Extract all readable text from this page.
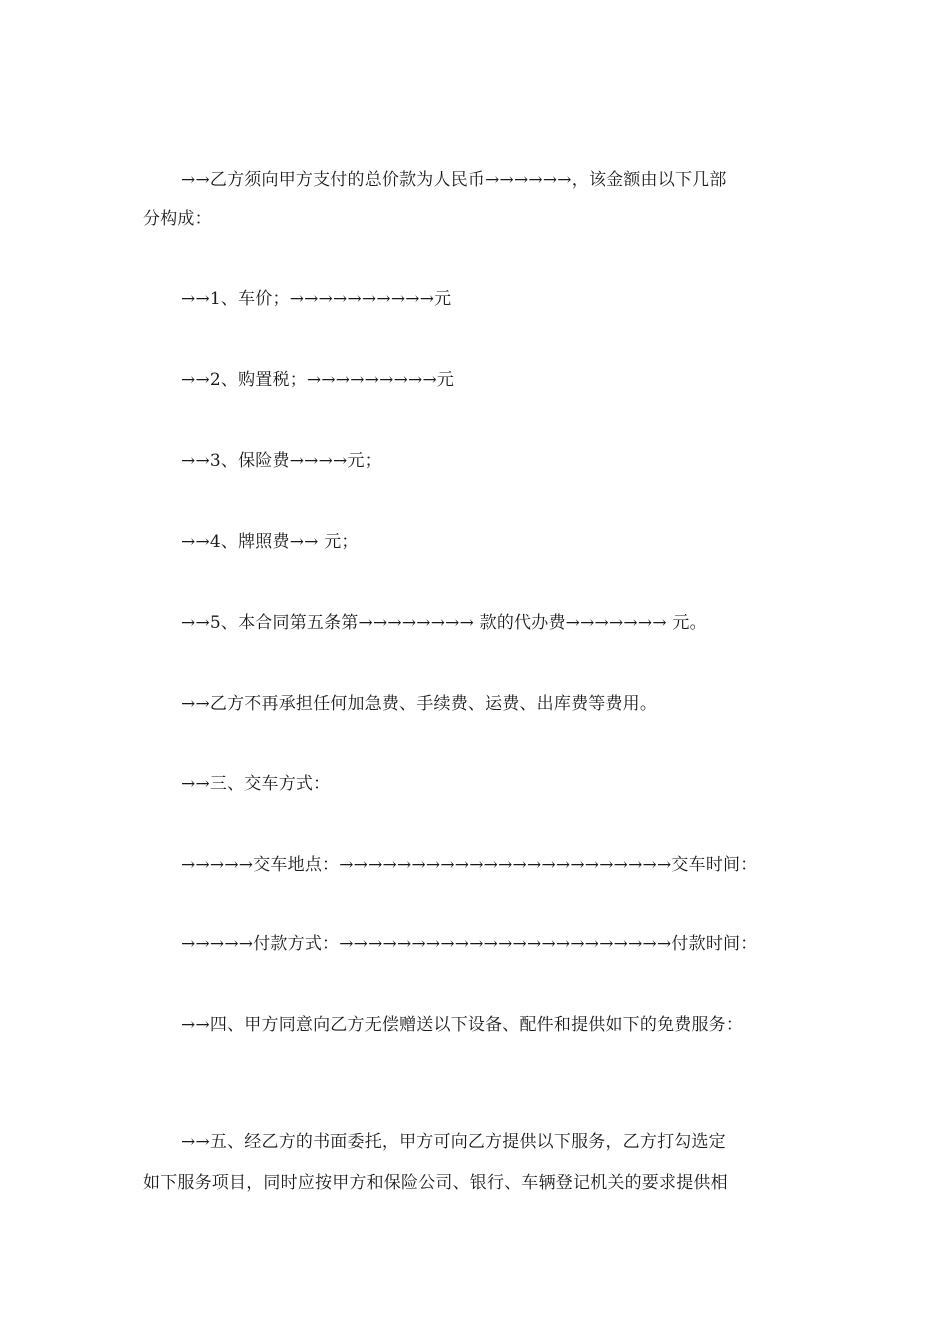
→→乙方须向甲方支付的总价款为人民币→→→→→→，该金额由以下几部
分构成：
→→1、车价；→→→→→→→→→→元
→→2、购置税；→→→→→→→→→元
→→3、保险费→→→→元；
→→4、牌照费→→ 元；
→→5、本合同第五条第→→→→→→→→ 款的代办费→→→→→→→ 元。
→→乙方不再承担任何加急费、手续费、运费、出库费等费用。
→→三、交车方式：
→→→→→交车地点：→→→→→→→→→→→→→→→→→→→→→→→交车时间：
→→→→→付款方式：→→→→→→→→→→→→→→→→→→→→→→→付款时间：
→→四、甲方同意向乙方无偿赠送以下设备、配件和提供如下的免费服务：
→→五、经乙方的书面委托，甲方可向乙方提供以下服务，乙方打勾选定
如下服务项目，同时应按甲方和保险公司、银行、车辆登记机关的要求提供相
